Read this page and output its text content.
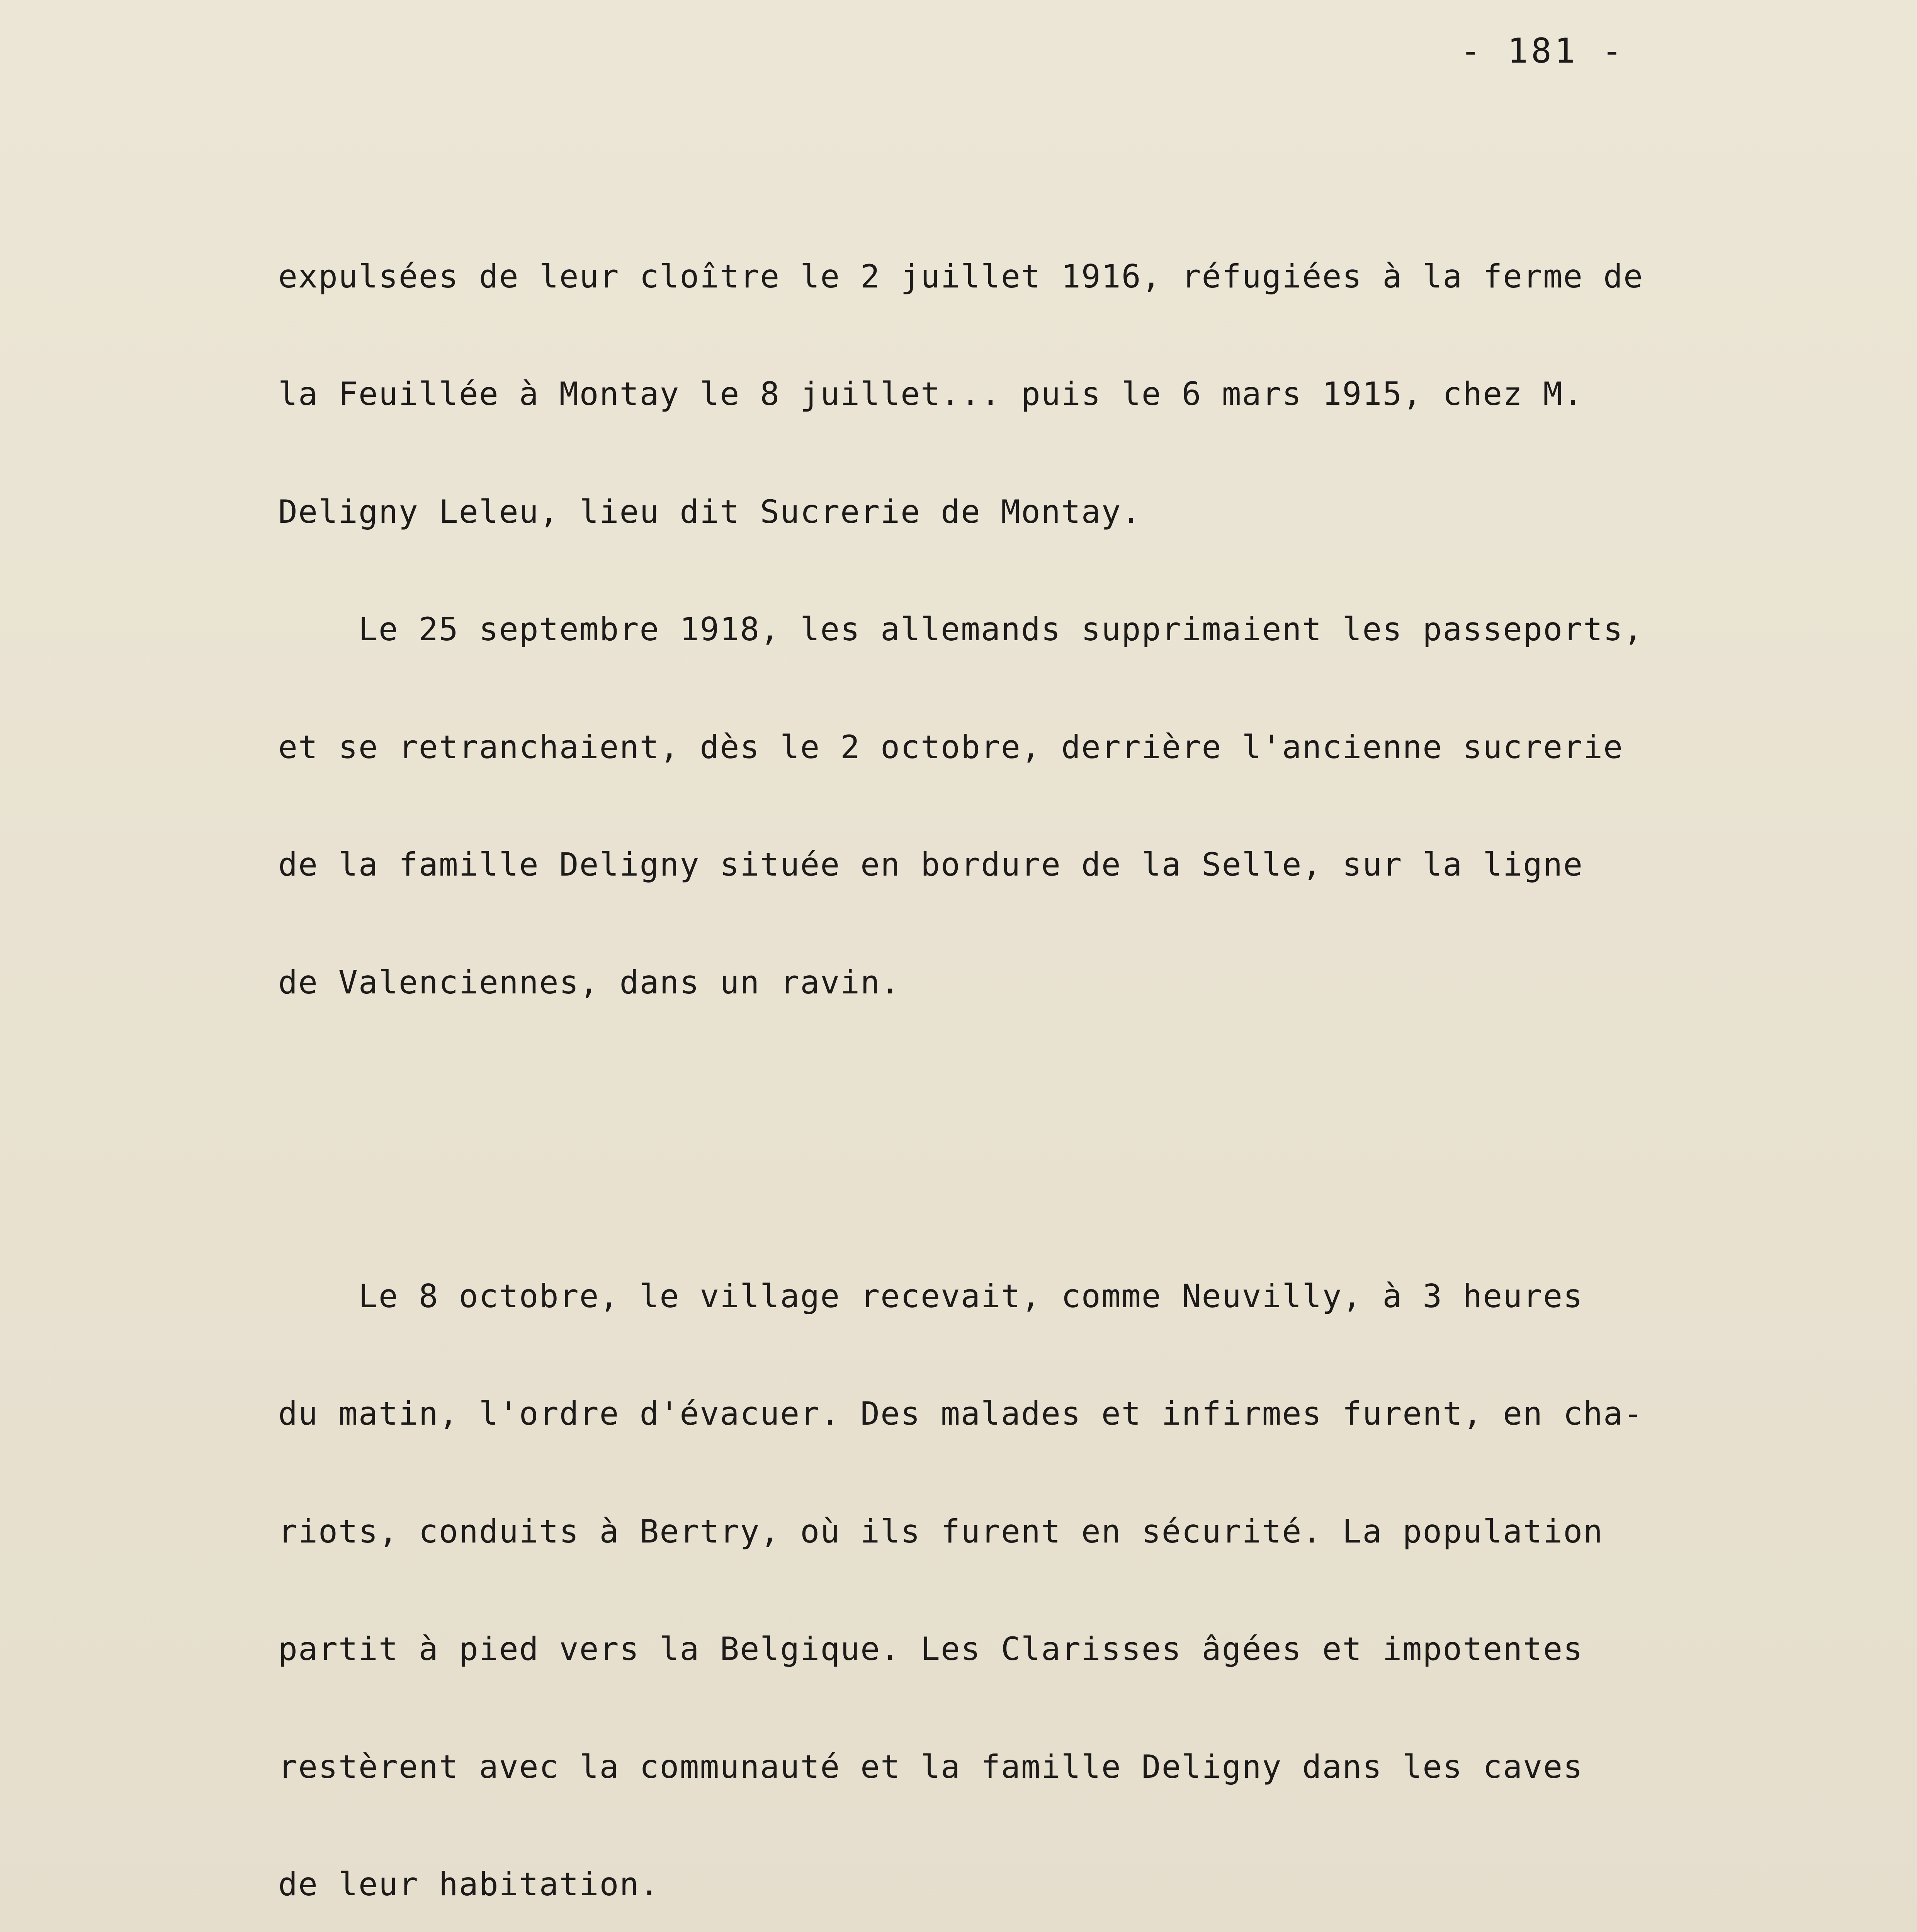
- 181 -

expulsées de leur cloître le 2 juillet 1916, réfugiées à la ferme de

la Feuillée à Montay le 8 juillet... puis le 6 mars 1915, chez M.

Deligny Leleu, lieu dit Sucrerie de Montay.

Le 25 septembre 1918, les allemands supprimaient les passeports,

et se retranchaient, dès le 2 octobre, derrière l'ancienne sucrerie

de la famille Deligny située en bordure de la Selle, sur la ligne

de Valenciennes, dans un ravin.

Le 8 octobre, le village recevait, comme Neuvilly, à 3 heures

du matin, l'ordre d'évacuer. Des malades et infirmes furent, en cha-

riots, conduits à Bertry, où ils furent en sécurité. La population

partit à pied vers la Belgique. Les Clarisses âgées et impotentes

restèrent avec la communauté et la famille Deligny dans les caves

de leur habitation.
